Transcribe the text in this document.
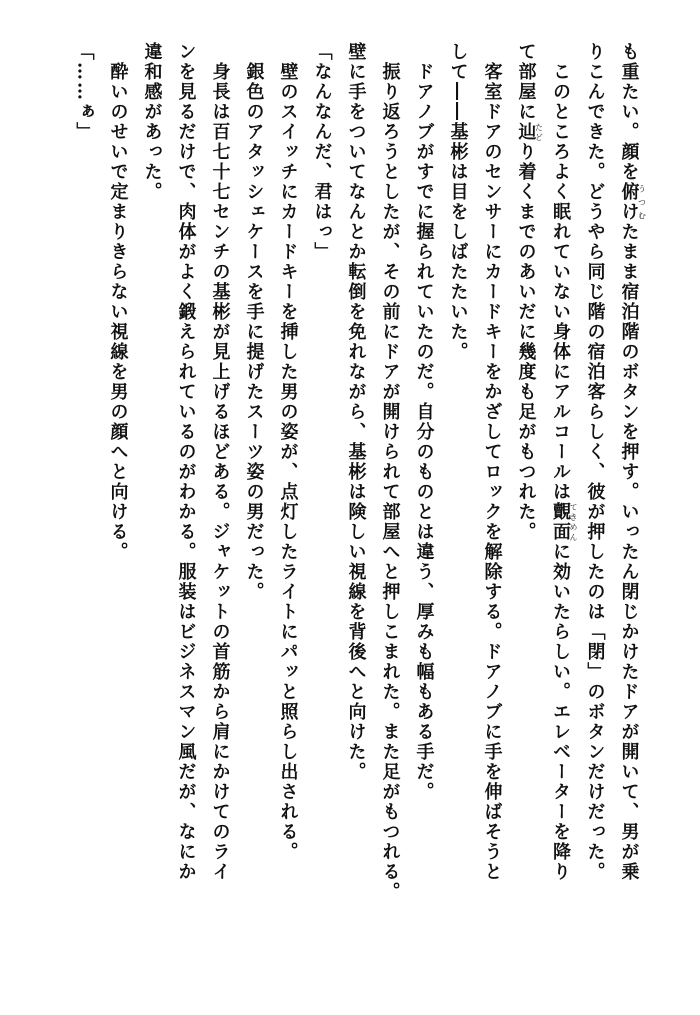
も重たい。顔を俯けうつむたまま宿泊階のボタンを押す。いったん閉じかけたドアが開いて、男が乗

りこんできた。どうやら同じ階の宿泊客らしく、彼が押したのは「閉」のボタンだけだった。

　このところよく眠れていない身体にアルコールは覿面てきめんに効いたらしい。エレベーターを降り

て部屋に辿たどり着くまでのあいだに幾度も足がもつれた。

　客室ドアのセンサーにカードキーをかざしてロックを解除する。ドアノブに手を伸ばそうと

して――基彬は目をしばたたいた。

　ドアノブがすでに握られていたのだ。自分のものとは違う、厚みも幅もある手だ。

　振り返ろうとしたが、その前にドアが開けられて部屋へと押しこまれた。また足がもつれる。

壁に手をついてなんとか転倒を免れながら、基彬は険しい視線を背後へと向けた。

「なんなんだ、君はっ」

　壁のスイッチにカードキーを挿した男の姿が、点灯したライトにパッと照らし出される。

　銀色のアタッシェケースを手に提げたスーツ姿の男だった。

　身長は百七十七センチの基彬が見上げるほどある。ジャケットの首筋から肩にかけてのライ

ンを見るだけで、肉体がよく鍛えられているのがわかる。服装はビジネスマン風だが、なにか

違和感があった。

　酔いのせいで定まりきらない視線を男の顔へと向ける。

「……ぁ」
